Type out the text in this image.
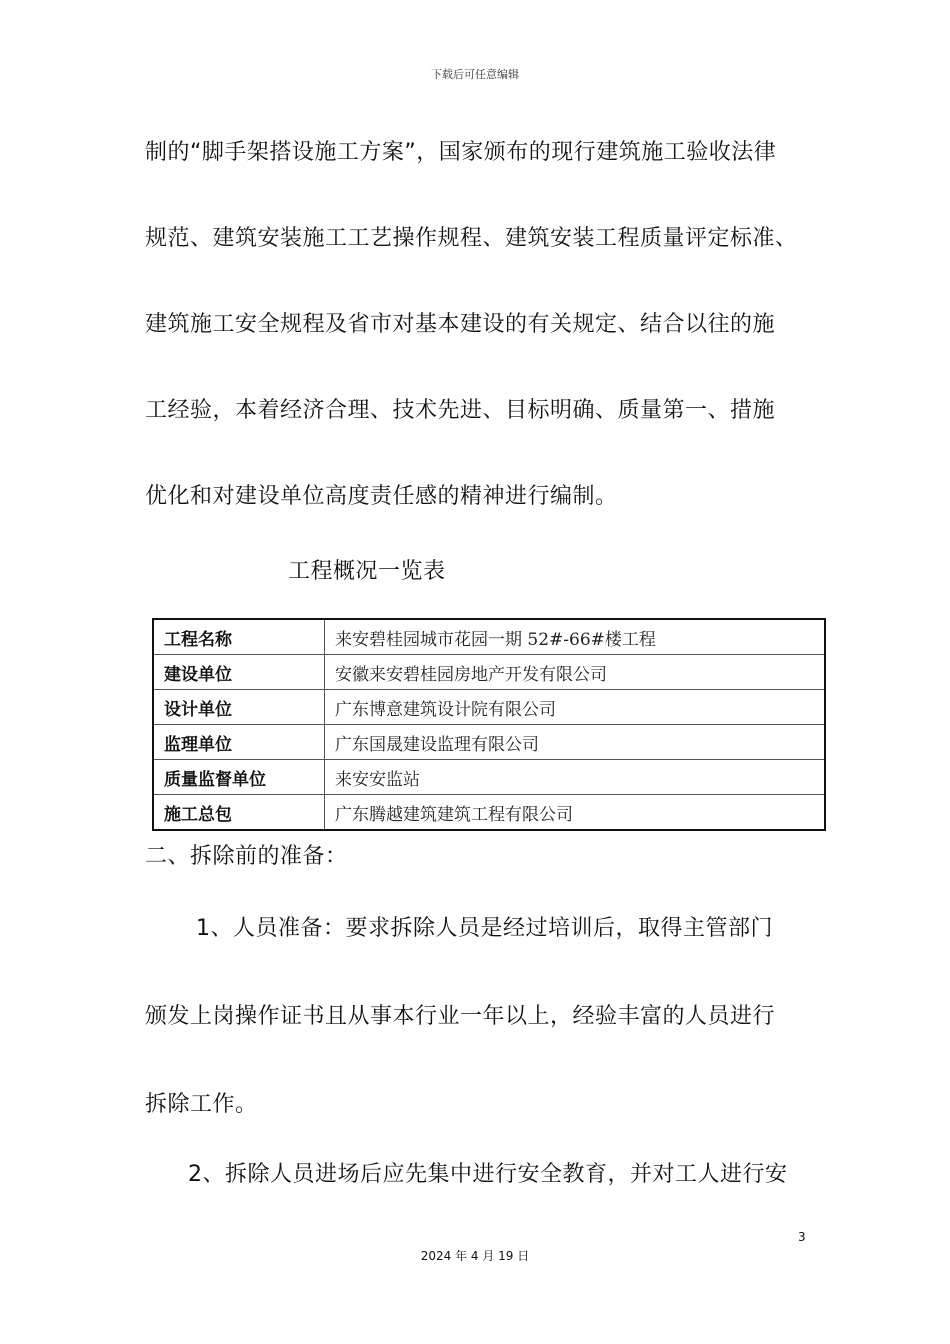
下载后可任意编辑
制的“脚手架搭设施工方案”，国家颁布的现行建筑施工验收法律
规范、建筑安装施工工艺操作规程、建筑安装工程质量评定标准、
建筑施工安全规程及省市对基本建设的有关规定、结合以往的施
工经验，本着经济合理、技术先进、目标明确、质量第一、措施
优化和对建设单位高度责任感的精神进行编制。
工程概况一览表
工程名称	来安碧桂园城市花园一期 52#-66#楼工程
建设单位	安徽来安碧桂园房地产开发有限公司
设计单位	广东博意建筑设计院有限公司
监理单位	广东国晟建设监理有限公司
质量监督单位	来安安监站
施工总包	广东腾越建筑建筑工程有限公司
二、拆除前的准备：
1、人员准备：要求拆除人员是经过培训后，取得主管部门
颁发上岗操作证书且从事本行业一年以上，经验丰富的人员进行
拆除工作。
2、拆除人员进场后应先集中进行安全教育，并对工人进行安
3
2024 年 4 月 19 日
